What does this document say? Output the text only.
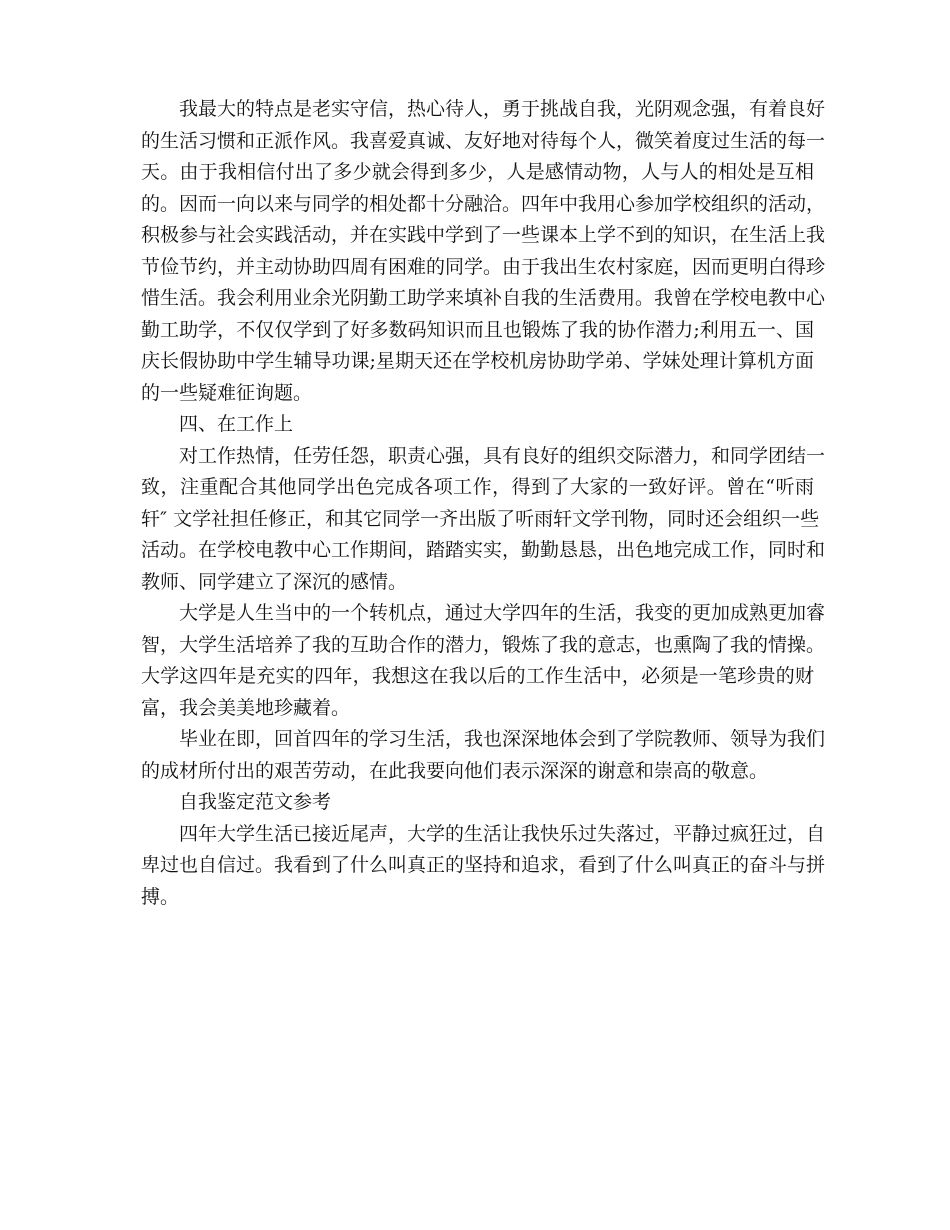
我最大的特点是老实守信，热心待人，勇于挑战自我，光阴观念强，有着良好
的生活习惯和正派作风。我喜爱真诚、友好地对待每个人，微笑着度过生活的每一
天。由于我相信付出了多少就会得到多少，人是感情动物，人与人的相处是互相
的。因而一向以来与同学的相处都十分融洽。四年中我用心参加学校组织的活动，
积极参与社会实践活动，并在实践中学到了一些课本上学不到的知识，在生活上我
节俭节约，并主动协助四周有困难的同学。由于我出生农村家庭，因而更明白得珍
惜生活。我会利用业余光阴勤工助学来填补自我的生活费用。我曾在学校电教中心
勤工助学，不仅仅学到了好多数码知识而且也锻炼了我的协作潜力;利用五一、国
庆长假协助中学生辅导功课;星期天还在学校机房协助学弟、学妹处理计算机方面
的一些疑难征询题。
四、在工作上
对工作热情，任劳任怨，职责心强，具有良好的组织交际潜力，和同学团结一
致，注重配合其他同学出色完成各项工作，得到了大家的一致好评。曾在“听雨
轩″ 文学社担任修正，和其它同学一齐出版了听雨轩文学刊物，同时还会组织一些
活动。在学校电教中心工作期间，踏踏实实，勤勤恳恳，出色地完成工作，同时和
教师、同学建立了深沉的感情。
大学是人生当中的一个转机点，通过大学四年的生活，我变的更加成熟更加睿
智，大学生活培养了我的互助合作的潜力，锻炼了我的意志，也熏陶了我的情操。
大学这四年是充实的四年，我想这在我以后的工作生活中，必须是一笔珍贵的财
富，我会美美地珍藏着。
毕业在即，回首四年的学习生活，我也深深地体会到了学院教师、领导为我们
的成材所付出的艰苦劳动，在此我要向他们表示深深的谢意和崇高的敬意。
自我鉴定范文参考
四年大学生活已接近尾声，大学的生活让我快乐过失落过，平静过疯狂过，自
卑过也自信过。我看到了什么叫真正的坚持和追求，看到了什么叫真正的奋斗与拼
搏。
